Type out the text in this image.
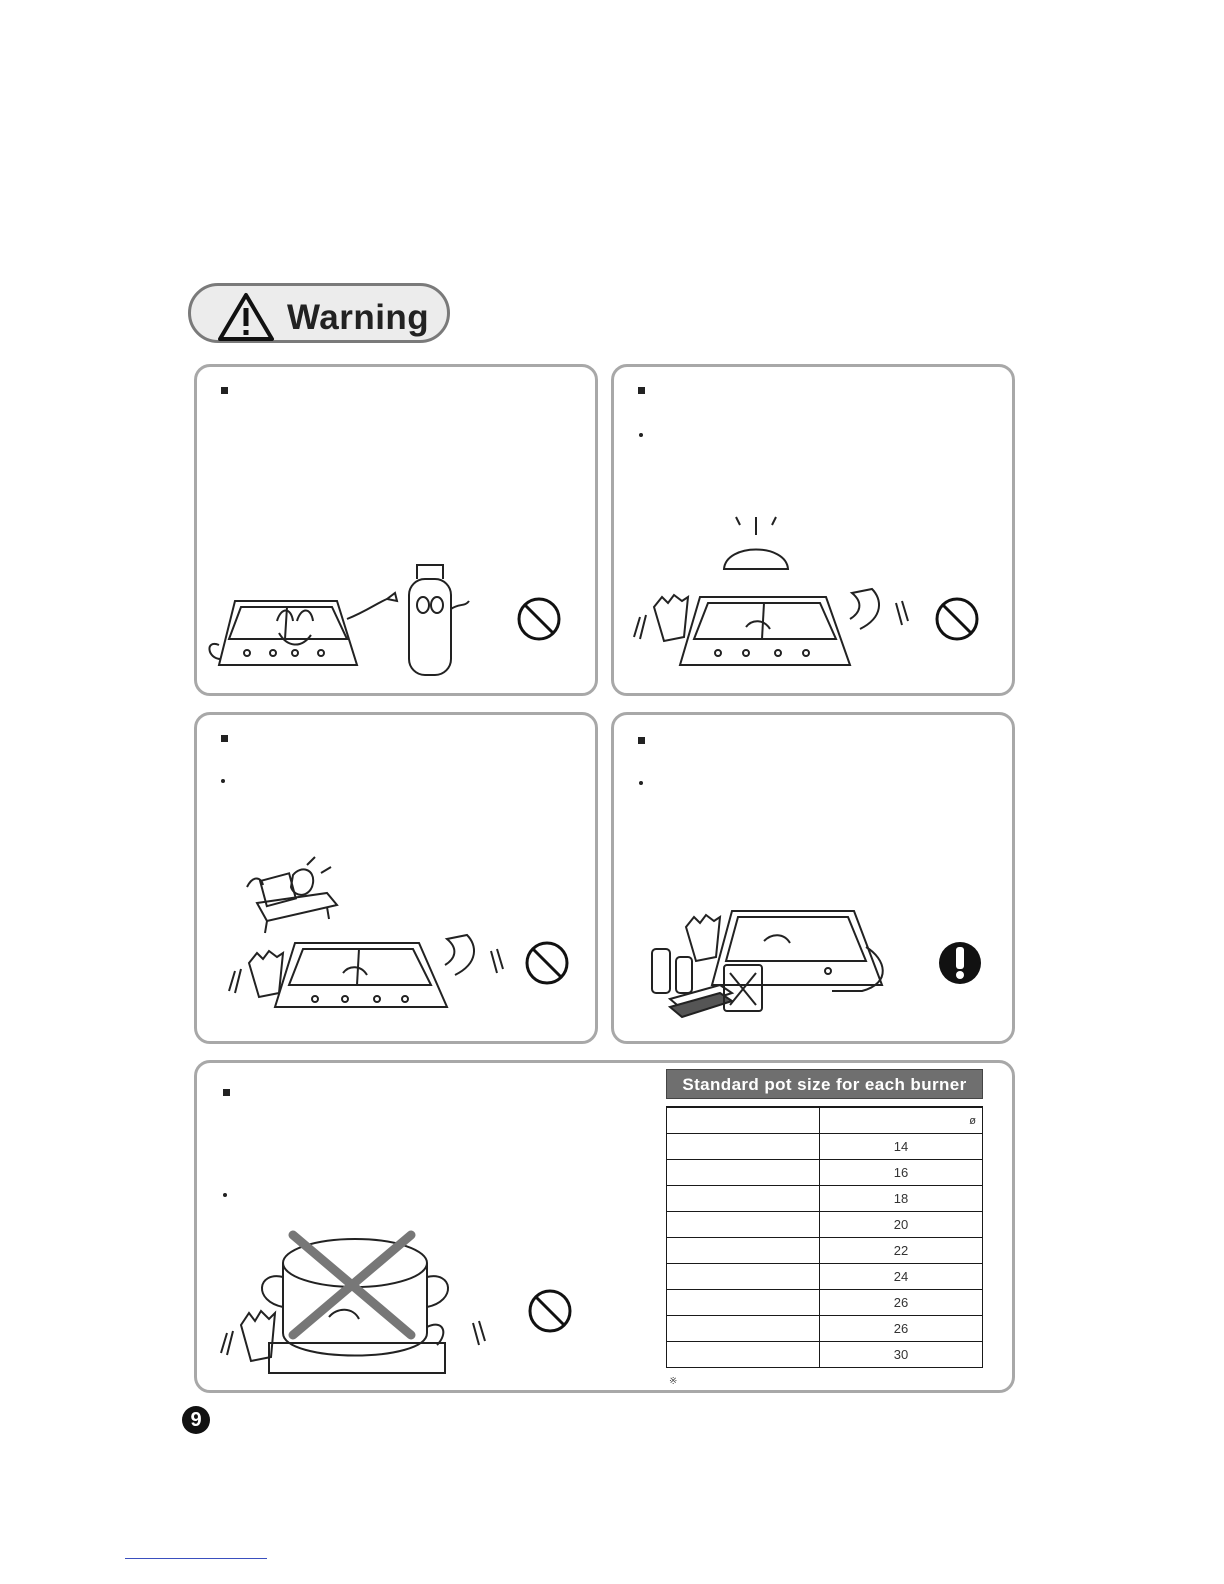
Warning
Standard pot size for each burner
	ø
	14
	16
	18
	20
	22
	24
	26
	26
	30
※
9
